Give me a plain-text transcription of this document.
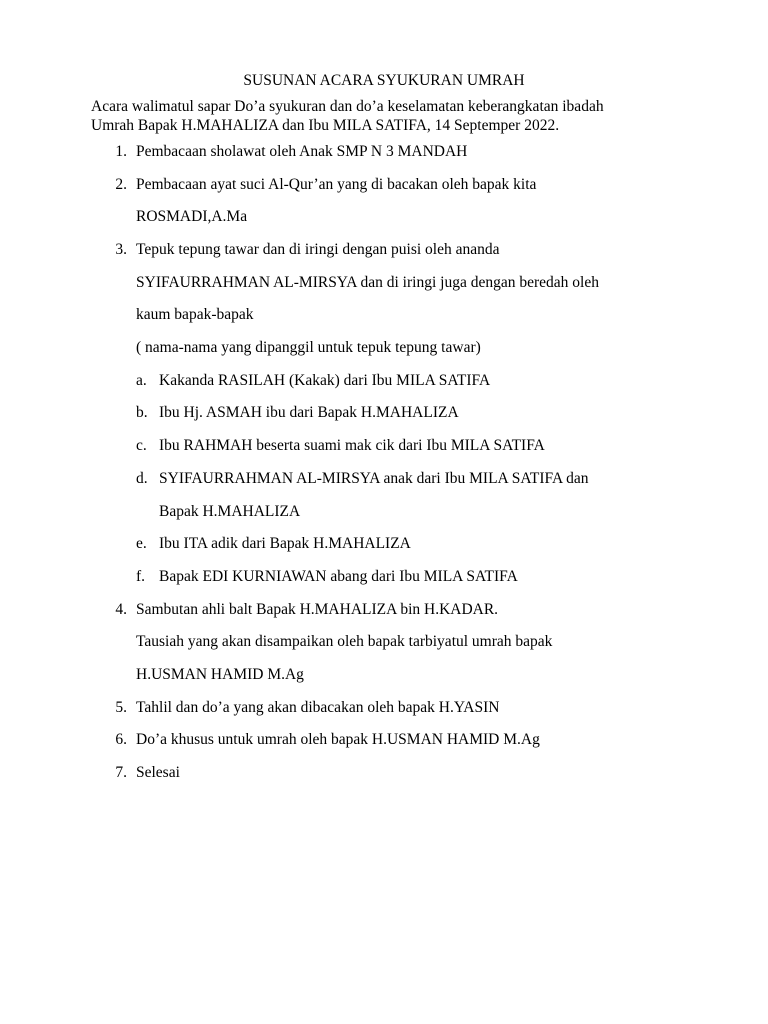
SUSUNAN ACARA SYUKURAN UMRAH
Acara walimatul sapar Do’a syukuran dan do’a keselamatan keberangkatan ibadah
Umrah Bapak H.MAHALIZA dan Ibu MILA SATIFA, 14 Septemper 2022.
1. Pembacaan sholawat oleh Anak SMP N 3 MANDAH
2. Pembacaan ayat suci Al-Qur’an yang di bacakan oleh bapak kita
ROSMADI,A.Ma
3. Tepuk tepung tawar dan di iringi dengan puisi oleh ananda
SYIFAURRAHMAN AL-MIRSYA dan di iringi juga dengan beredah oleh
kaum bapak-bapak
( nama-nama yang dipanggil untuk tepuk tepung tawar)
a. Kakanda RASILAH (Kakak) dari Ibu MILA SATIFA
b. Ibu Hj. ASMAH ibu dari Bapak H.MAHALIZA
c. Ibu RAHMAH beserta suami mak cik dari Ibu MILA SATIFA
d. SYIFAURRAHMAN AL-MIRSYA anak dari Ibu MILA SATIFA dan
Bapak H.MAHALIZA
e. Ibu ITA adik dari Bapak H.MAHALIZA
f. Bapak EDI KURNIAWAN abang dari Ibu MILA SATIFA
4. Sambutan ahli balt Bapak H.MAHALIZA bin H.KADAR.
Tausiah yang akan disampaikan oleh bapak tarbiyatul umrah bapak
H.USMAN HAMID M.Ag
5. Tahlil dan do’a yang akan dibacakan oleh bapak H.YASIN
6. Do’a khusus untuk umrah oleh bapak H.USMAN HAMID M.Ag
7. Selesai
